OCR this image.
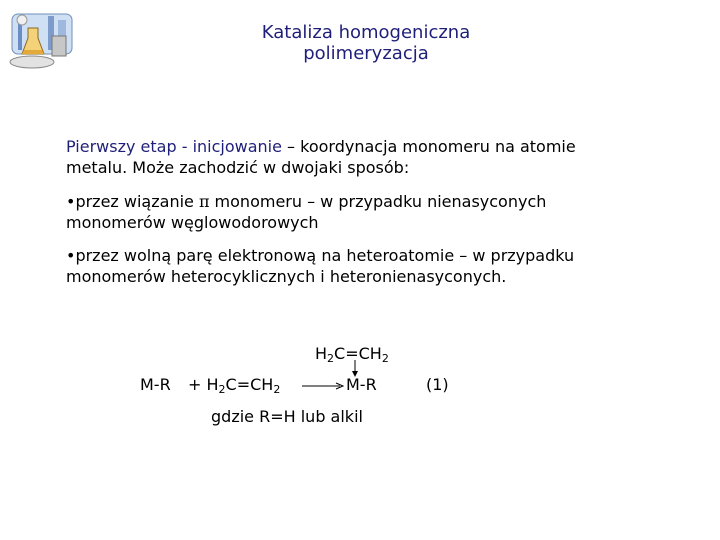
Kataliza homogeniczna
polimeryzacja
Pierwszy etap - inicjowanie – koordynacja monomeru na atomie metalu. Może zachodzić w dwojaki sposób:
•przez wiązanie π monomeru – w przypadku nienasyconych monomerów węglowodorowych
•przez wolną parę elektronową na heteroatomie – w przypadku monomerów heterocyklicznych i heteronienasyconych.
$H_2C=CH_2$
$M-R + H_2C=CH_2 \to M-R$	(1)
gdzie R=H lub alkil
